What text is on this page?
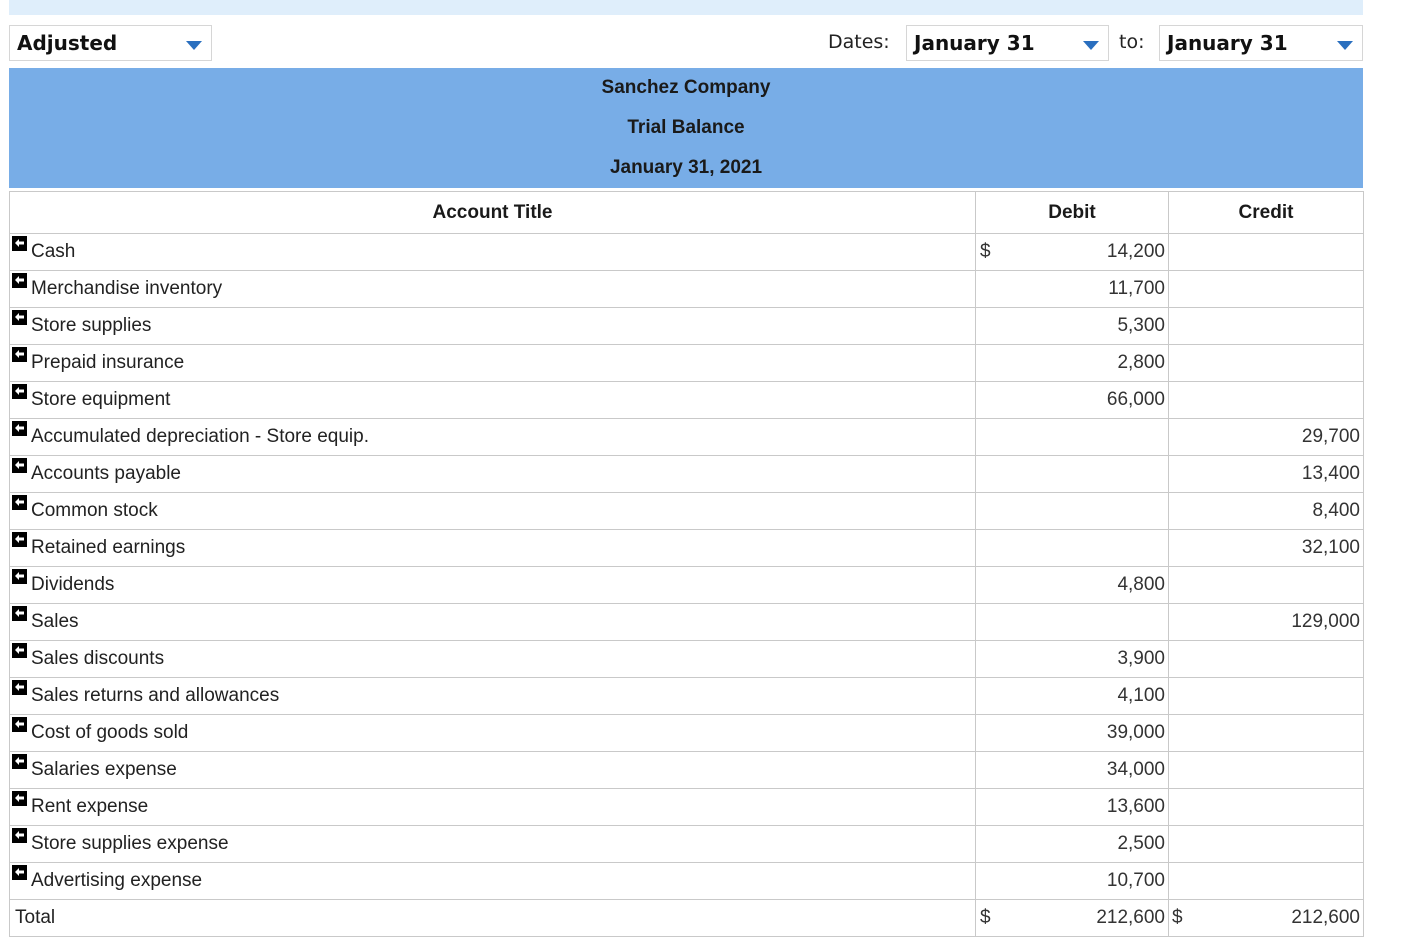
Adjusted	Dates: January 31	to: January 31
Sanchez Company
Trial Balance
January 31, 2021
Account Title	Debit	Credit

Cash	$ 14,200	

Merchandise inventory	11,700	

Store supplies	5,300	

Prepaid insurance	2,800	

Store equipment	66,000	

Accumulated depreciation - Store equip.		29,700

Accounts payable		13,400

Common stock		8,400

Retained earnings		32,100

Dividends	4,800	

Sales		129,000

Sales discounts	3,900	

Sales returns and allowances	4,100	

Cost of goods sold	39,000	

Salaries expense	34,000	

Rent expense	13,600	

Store supplies expense	2,500	

Advertising expense	10,700	
Total	$ 212,600	$ 212,600
